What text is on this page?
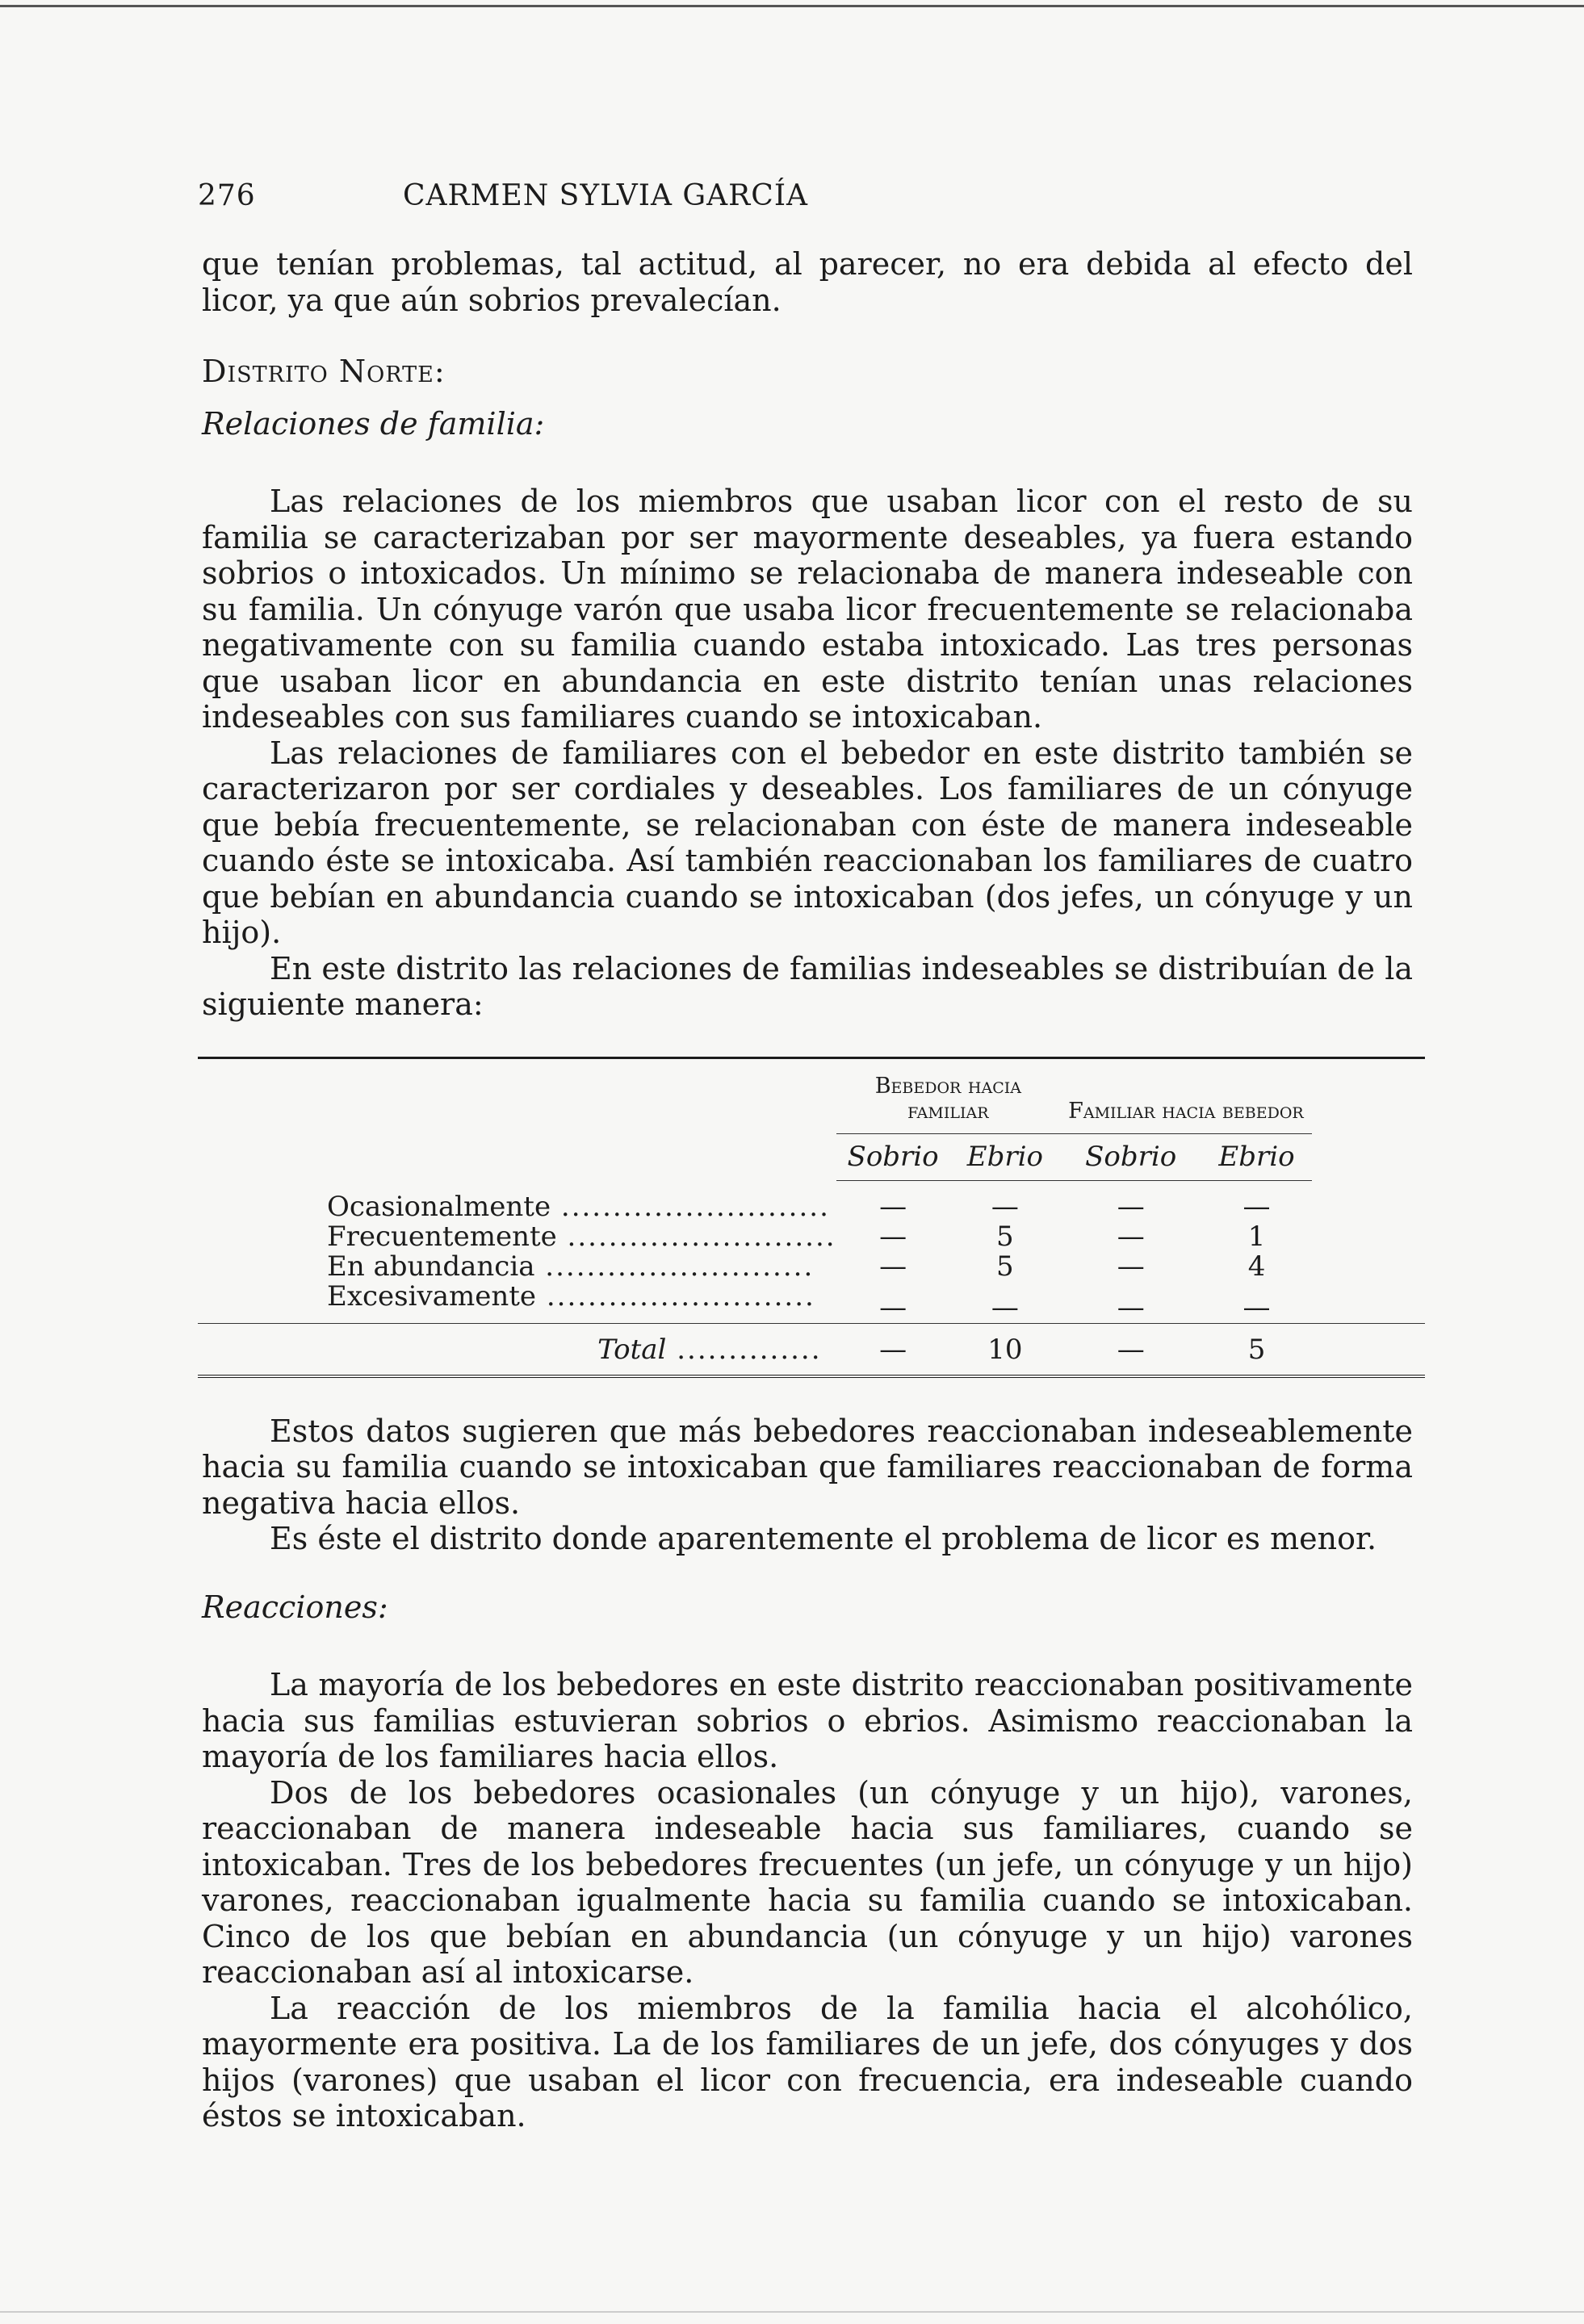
276	CARMEN SYLVIA GARCÍA

que tenían problemas, tal actitud, al parecer, no era debida al efecto del licor, ya que aún sobrios prevalecían.

Distrito Norte:

Relaciones de familia:

Las relaciones de los miembros que usaban licor con el resto de su familia se caracterizaban por ser mayormente deseables, ya fuera estando sobrios o intoxicados. Un mínimo se relacionaba de manera indeseable con su familia. Un cónyuge varón que usaba licor frecuentemente se relacionaba negativamente con su familia cuando estaba intoxicado. Las tres personas que usaban licor en abundancia en este distrito tenían unas relaciones indeseables con sus familiares cuando se intoxicaban.

Las relaciones de familiares con el bebedor en este distrito también se caracterizaron por ser cordiales y deseables. Los familiares de un cónyuge que bebía frecuentemente, se relacionaban con éste de manera indeseable cuando éste se intoxicaba. Así también reaccionaban los familiares de cuatro que bebían en abundancia cuando se intoxicaban (dos jefes, un cónyuge y un hijo).

En este distrito las relaciones de familias indeseables se distribuían de la siguiente manera:

	Bebedor hacia familiar		Familiar hacia bebedor		
	Sobrio	Ebrio	Sobrio	Ebrio	
Ocasionalmente ..........................	—	—	—	—	
Frecuentemente ..........................	—	5	—	1	
En abundancia ..........................	—	5	—	4	
Excesivamente ..........................	—	—	—	—	
Total ..............	—	10	—	5	

Estos datos sugieren que más bebedores reaccionaban indeseablemente hacia su familia cuando se intoxicaban que familiares reaccionaban de forma negativa hacia ellos.

Es éste el distrito donde aparentemente el problema de licor es menor.

Reacciones:

La mayoría de los bebedores en este distrito reaccionaban positivamente hacia sus familias estuvieran sobrios o ebrios. Asimismo reaccionaban la mayoría de los familiares hacia ellos.

Dos de los bebedores ocasionales (un cónyuge y un hijo), varones, reaccionaban de manera indeseable hacia sus familiares, cuando se intoxicaban. Tres de los bebedores frecuentes (un jefe, un cónyuge y un hijo) varones, reaccionaban igualmente hacia su familia cuando se intoxicaban. Cinco de los que bebían en abundancia (un cónyuge y un hijo) varones reaccionaban así al intoxicarse.

La reacción de los miembros de la familia hacia el alcohólico, mayormente era positiva. La de los familiares de un jefe, dos cónyuges y dos hijos (varones) que usaban el licor con frecuencia, era indeseable cuando éstos se intoxicaban.
